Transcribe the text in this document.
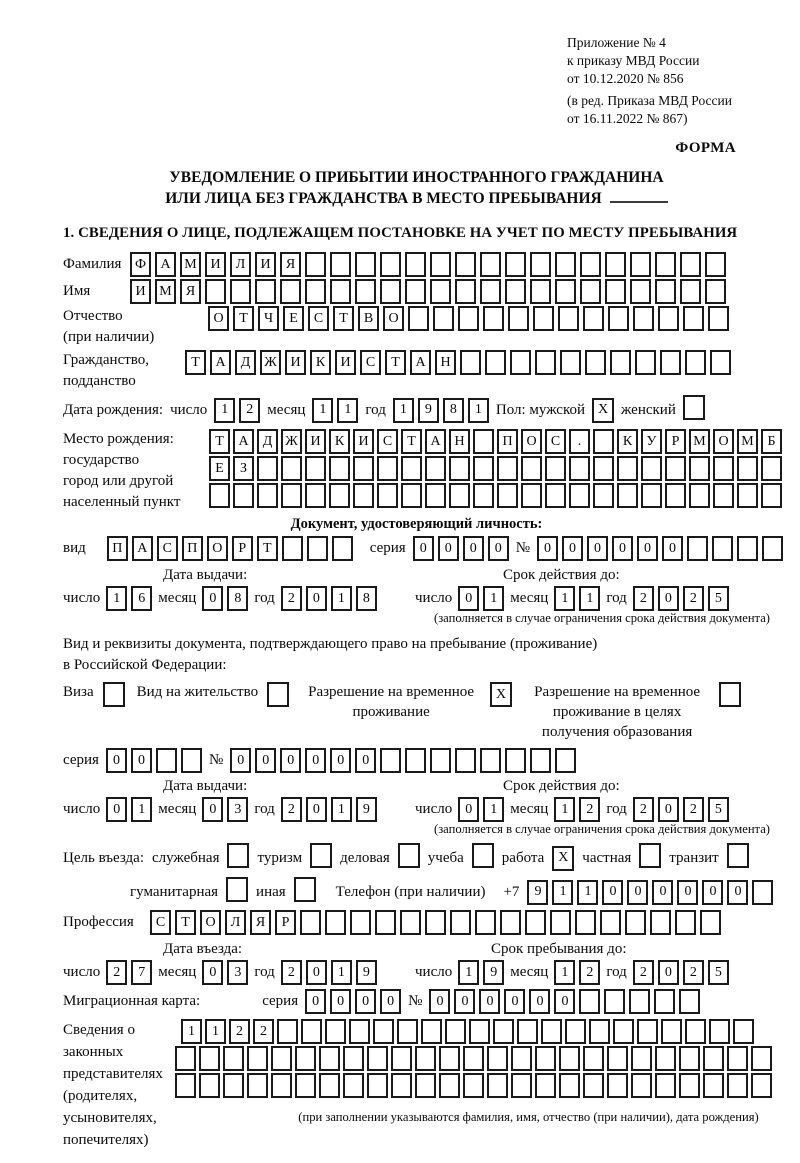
Приложение № 4
к приказу МВД России
от 10.12.2020 № 856
(в ред. Приказа МВД России
от 16.11.2022 № 867)
ФОРМА
УВЕДОМЛЕНИЕ О ПРИБЫТИИ ИНОСТРАННОГО ГРАЖДАНИНА
ИЛИ ЛИЦА БЕЗ ГРАЖДАНСТВА В МЕСТО ПРЕБЫВАНИЯ
1. СВЕДЕНИЯ О ЛИЦЕ, ПОДЛЕЖАЩЕМ ПОСТАНОВКЕ НА УЧЕТ ПО МЕСТУ ПРЕБЫВАНИЯ
Фамилия Ф	А М И	Л	И	Я
Имя	И М	Я
Отчество
(при наличии)
О	Т	Ч	Е	С	Т	В	О
Гражданство,
подданство
Т	А	Д Ж И	К	И	С	Т	А	Н
Дата рождения: число	1	2 месяц	1	1 год	1	9	8	1 Пол: мужской X женский
Место рождения:
государство
город или другой
населенный пункт
Т	А	Д Ж И	К	И	С	Т	А Н	П О	С	.	К	У	Р М О М Б
Е	З
Документ, удостоверяющий личность:
вид	П	А	С	П	О	Р	Т	серия	0	0	0	0 №	0	0	0	0	0	0
Дата выдачи:
число 1	6 месяц 0	8 год 2	0	1	8
Срок действия до:
число 0	1 месяц 1	1 год 2	0	2	5
(заполняется в случае ограничения срока действия документа)
Вид и реквизиты документа, подтверждающего право на пребывание (проживание)
в Российской Федерации:
Виза	Вид на жительство	Разрешение на временное проживание
X	Разрешение на временное проживание в целях получения образования
серия	0	0	№	0	0	0	0	0	0
Дата выдачи:
число 0	1 месяц 0	3 год 2	0	1	9
Срок действия до:
число 0	1 месяц 1	2 год 2	0	2	5
(заполняется в случае ограничения срока действия документа)
Цель въезда: служебная	туризм	деловая	учеба	работа X частная	транзит
гуманитарная	иная	Телефон (при наличии) +7	9	1	1	0	0	0	0	0	0
Профессия	С	Т	О	Л	Я	Р
Дата въезда:
число 2	7 месяц 0	3 год 2	0	1	9
Срок пребывания до:
число 1	9 месяц 1	2 год 2	0	2	5
Миграционная карта:	серия	0	0	0	0 №	0	0	0	0	0	0
Сведения о
законных
представителях
(родителях,
усыновителях,
попечителях)
1	1	2	2
(при заполнении указываются фамилия, имя, отчество (при наличии), дата рождения)
